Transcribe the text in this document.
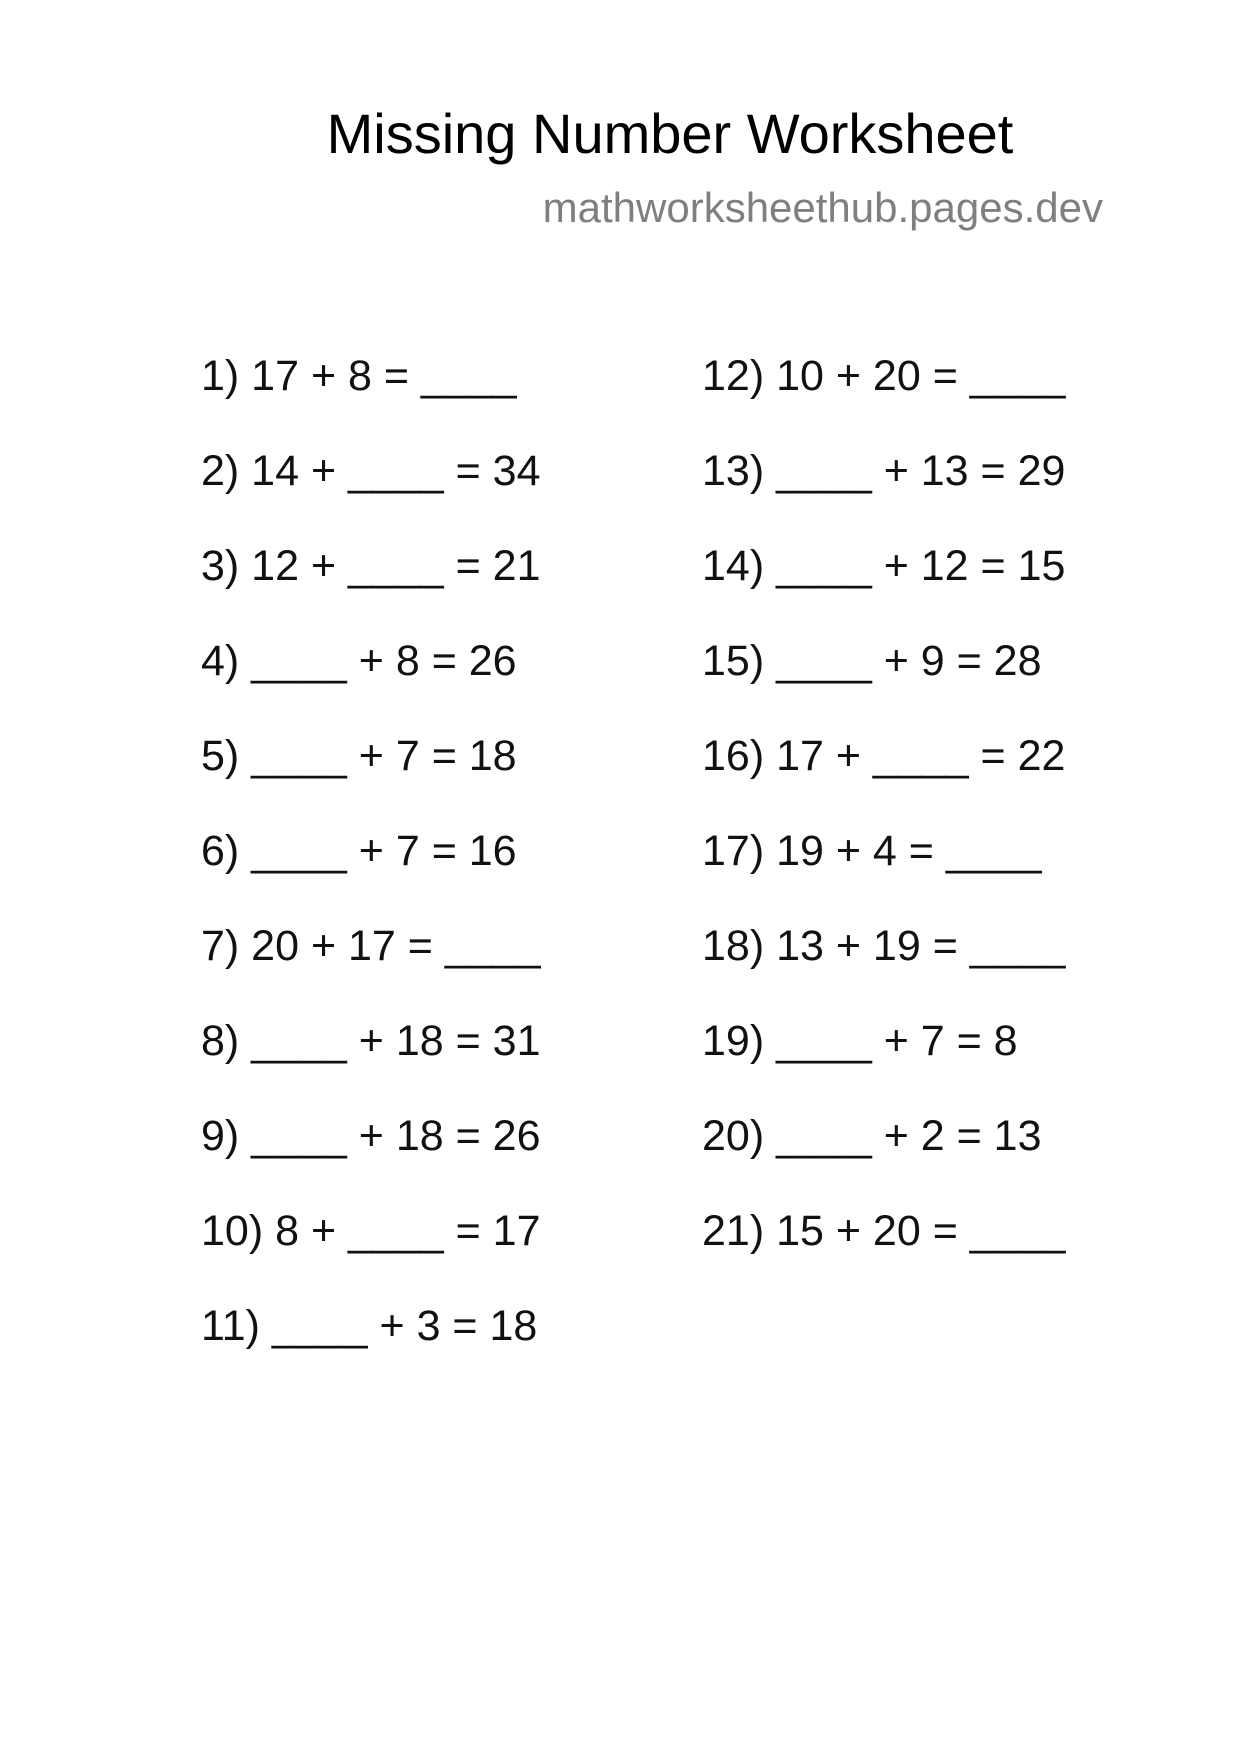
Missing Number Worksheet
mathworksheethub.pages.dev
1) 17 + 8 = ____
2) 14 + ____ = 34
3) 12 + ____ = 21
4) ____ + 8 = 26
5) ____ + 7 = 18
6) ____ + 7 = 16
7) 20 + 17 = ____
8) ____ + 18 = 31
9) ____ + 18 = 26
10) 8 + ____ = 17
11) ____ + 3 = 18
12) 10 + 20 = ____
13) ____ + 13 = 29
14) ____ + 12 = 15
15) ____ + 9 = 28
16) 17 + ____ = 22
17) 19 + 4 = ____
18) 13 + 19 = ____
19) ____ + 7 = 8
20) ____ + 2 = 13
21) 15 + 20 = ____
